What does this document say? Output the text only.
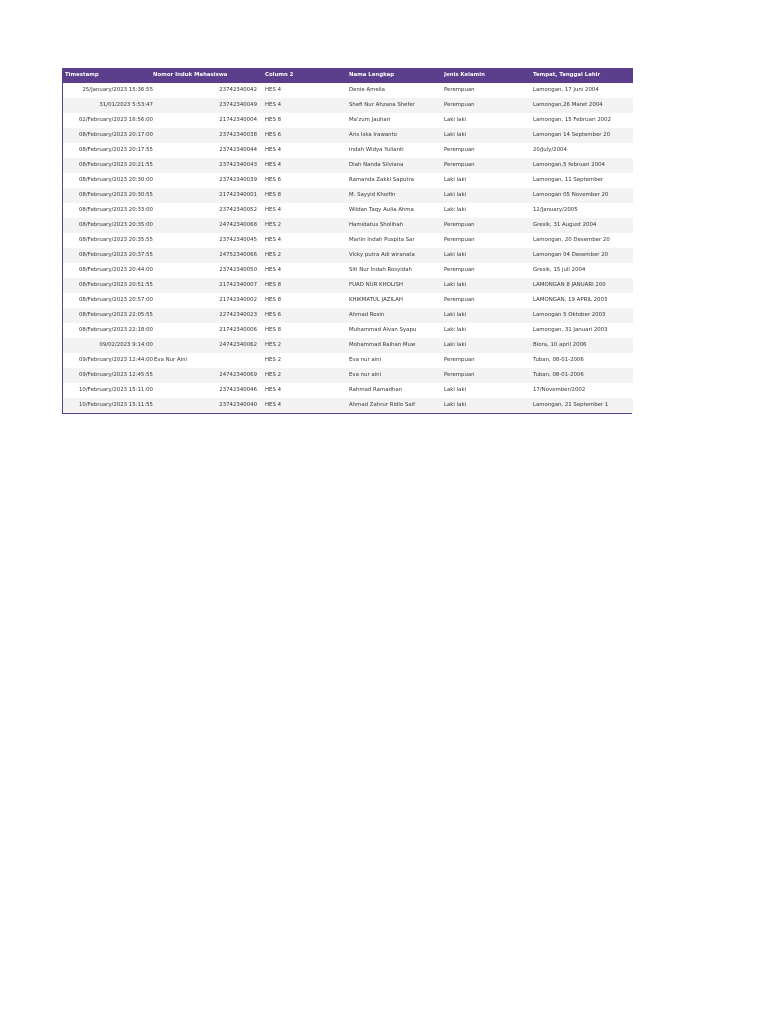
Timestamp	Nomor Induk Mahasiswa	Column 2	Nama Lengkap	Jenis Kelamin	Tempat, Tanggal Lahir
25/January/2023 15:36:55	23742340042	HES 4	Denie Amelia	Perempuan	Lamongan, 17 Juni 2004
31/01/2023 5:53:47	23742340049	HES 4	Shefi Nur Ahzana Shefer	Perempuan	Lamongan,26 Maret 2004
02/February/2023 16:56:00	21742340004	HES 8	Ma'zum Jauhari	Laki laki	Lamongan, 15 Februari 2002
08/February/2023 20:17:00	23742340038	HES 6	Aris Iska Irawanto	Laki laki	Lamongan 14 September 20
08/February/2023 20:17:55	23742340044	HES 4	Indah Widya Yulianti	Perempuan	20/July/2004
08/February/2023 20:21:55	23742340043	HES 4	Diah Nanda Silviana	Perempuan	Lamongan,5 februari 2004
08/February/2023 20:30:00	23742340039	HES 6	Ramanda Zakki Saputra	Laki laki	Lamongan, 11 September
08/February/2023 20:30:55	21742340001	HES 8	M. Sayyid Khoifin	Laki laki	Lamongan 05 November 20
08/February/2023 20:33:00	23742340052	HES 4	Wildan Taqy Aulia Ahma	Laki laki	12/January/2005
08/February/2023 20:35:00	24742340068	HES 2	Hamidatus Sholihah	Perempuan	Gresik, 31 August 2004
08/February/2023 20:35:55	23742340045	HES 4	Marlin Indah Puspita Sar	Perempuan	Lamongan, 20 Desember 20
08/February/2023 20:37:55	24752340066	HES 2	Vicky putra Adi wiranata	Laki laki	Lamongan 04 Desember 20
08/February/2023 20:44:00	23742340050	HES 4	Siti Nur Indah Rosyidah	Perempuan	Gresik, 15 juli 2004
08/February/2023 20:51:55	21742340007	HES 8	FUAD NUR KHOLISH	Laki laki	LAMONGAN 8 JANUARI 200
08/February/2023 20:57:00	21742340002	HES 8	KHIKMATUL JAZILAH	Perempuan	LAMONGAN, 19 APRIL 2003
08/February/2023 22:05:55	22742340023	HES 6	Ahmad Rosin	Laki laki	Lamongan 5 Oktober 2003
08/February/2023 22:18:00	21742340006	HES 8	Muhammad Alvan Syapu	Laki laki	Lamongan, 31 Januari 2003
09/02/2023 9:14:00	24742340062	HES 2	Mohammad Raihan Muw	Laki laki	Blora, 10 april 2006
09/February/2023 12:44:00	Eva Nur Aini	HES 2	Eva nur aini	Perempuan	Tuban, 08-01-2006
09/February/2023 12:45:55	24742340069	HES 2	Eva nur aini	Perempuan	Tuban, 08-01-2006
10/February/2023 15:11:00	23742340046	HES 4	Rahmad Ramadhan	Laki laki	17/November/2002
10/February/2023 15:11:55	23742340040	HES 4	Ahmad Zahrur Ridlo Saif	Laki laki	Lamongan, 21 September 1
